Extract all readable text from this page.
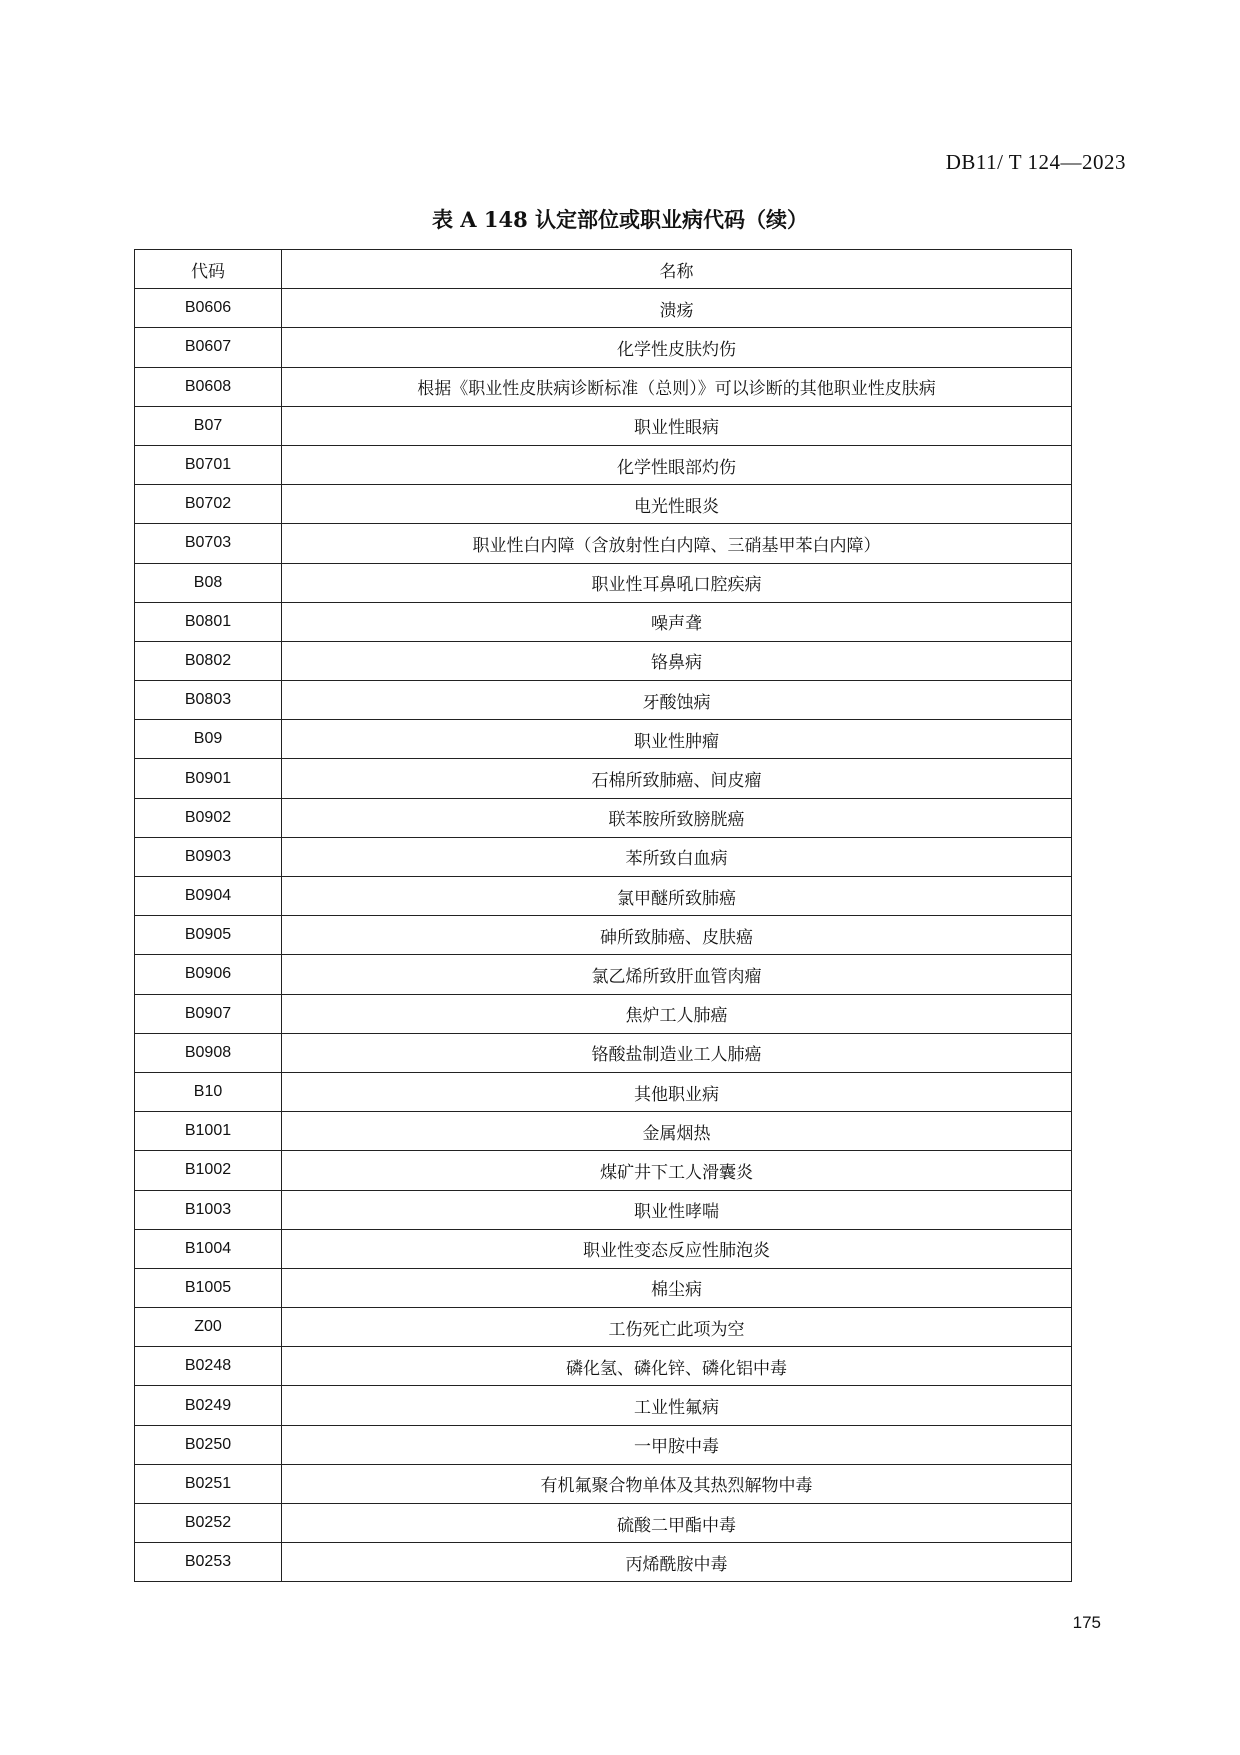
DB11/ T 124—2023
表 A 148 认定部位或职业病代码（续）
代码	名称
B0606	溃疡
B0607	化学性皮肤灼伤
B0608	根据《职业性皮肤病诊断标准（总则）》可以诊断的其他职业性皮肤病
B07	职业性眼病
B0701	化学性眼部灼伤
B0702	电光性眼炎
B0703	职业性白内障（含放射性白内障、三硝基甲苯白内障）
B08	职业性耳鼻吼口腔疾病
B0801	噪声聋
B0802	铬鼻病
B0803	牙酸蚀病
B09	职业性肿瘤
B0901	石棉所致肺癌、间皮瘤
B0902	联苯胺所致膀胱癌
B0903	苯所致白血病
B0904	氯甲醚所致肺癌
B0905	砷所致肺癌、皮肤癌
B0906	氯乙烯所致肝血管肉瘤
B0907	焦炉工人肺癌
B0908	铬酸盐制造业工人肺癌
B10	其他职业病
B1001	金属烟热
B1002	煤矿井下工人滑囊炎
B1003	职业性哮喘
B1004	职业性变态反应性肺泡炎
B1005	棉尘病
Z00	工伤死亡此项为空
B0248	磷化氢、磷化锌、磷化铝中毒
B0249	工业性氟病
B0250	一甲胺中毒
B0251	有机氟聚合物单体及其热烈解物中毒
B0252	硫酸二甲酯中毒
B0253	丙烯酰胺中毒
175
